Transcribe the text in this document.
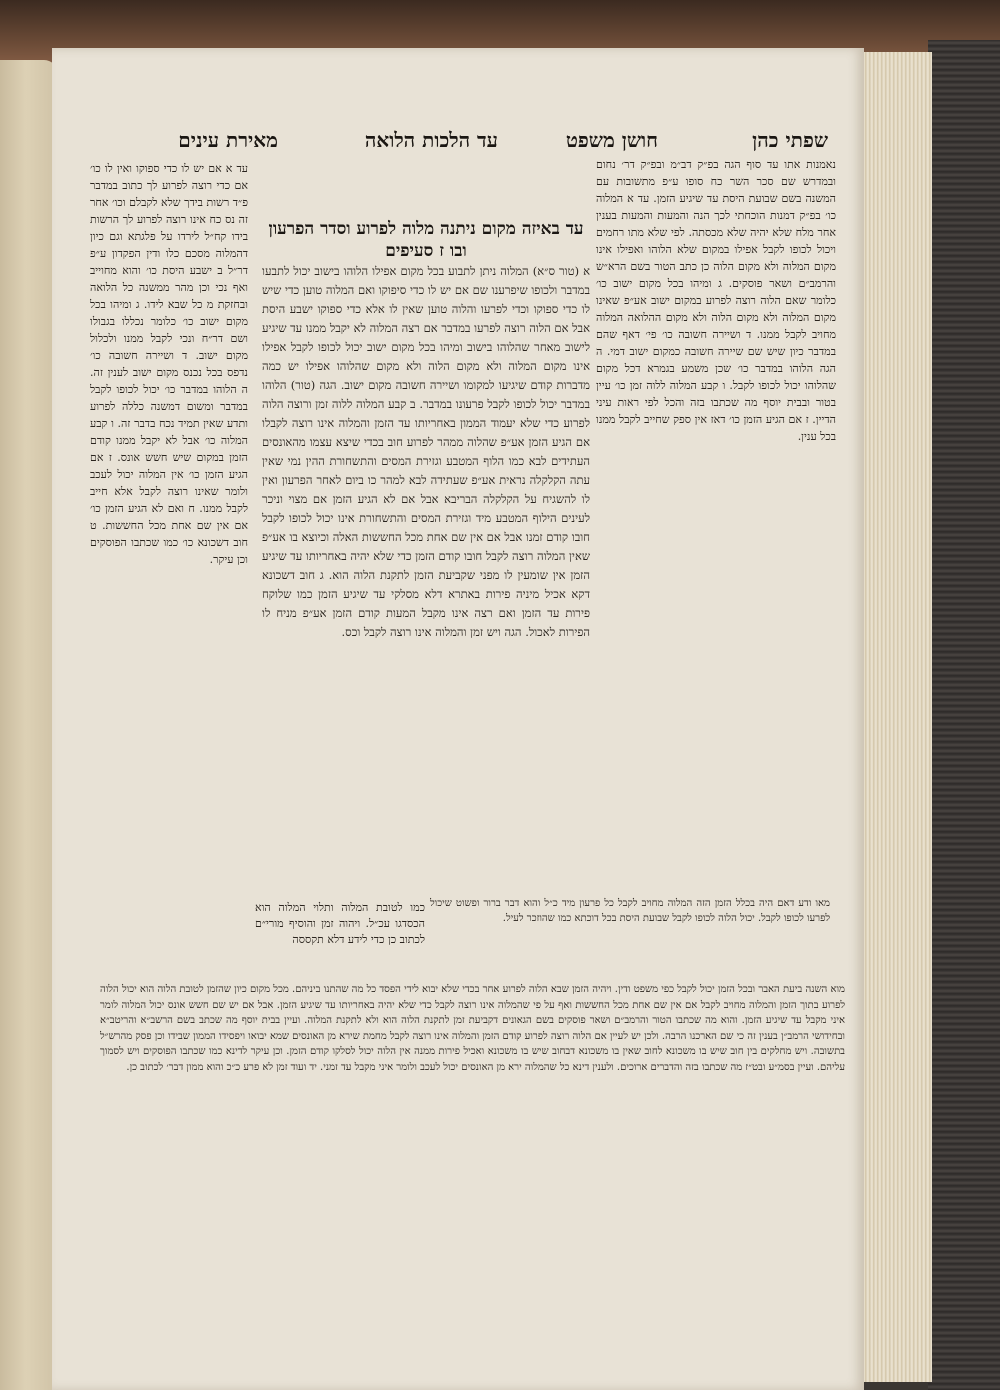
שפתי כהן
חושן משפט
עד הלכות הלואה
מאירת עינים

נאמנות אתו עד סוף הגה בפ״ק דב״מ ובפ״ק דר׳ נחום ובמדרש שם סכר השר כח סופו ע״פ מתשובות עם המשנה בשם שבועת היסת עד שיגיע הזמן. עד א המלוה כו׳ בפ״ק דמנות הוכחתי לכך הנה והמעות והמעות בענין אחר מלח שלא יהיה שלא מכסתה. לפי שלא מתו רחמים ויכול לכופו לקבל אפילו במקום שלא הלוהו ואפילו אינו מקום המלוה ולא מקום הלוה כן כתב הטור בשם הרא״ש והרמב״ם ושאר פוסקים. ג ומיהו בכל מקום ישוב כו׳ כלומר שאם הלוה רוצה לפרוע במקום ישוב אע״פ שאינו מקום המלוה ולא מקום הלוה ולא מקום ההלואה המלוה מחויב לקבל ממנו. ד ושיירה חשובה כו׳ פי׳ דאף שהם במדבר כיון שיש שם שיירה חשובה כמקום ישוב דמי. ה הגה הלוהו במדבר כו׳ שכן משמע בגמרא דכל מקום שהלוהו יכול לכופו לקבל. ו קבע המלוה ללוה זמן כו׳ עיין בטור ובבית יוסף מה שכתבו בזה והכל לפי ראות עיני הדיין. ז אם הגיע הזמן כו׳ דאז אין ספק שחייב לקבל ממנו בכל ענין.

עד באיזה מקום ניתנה מלוה לפרוע וסדר הפרעון ובו ז סעיפים

א (טור ס״א) המלוה ניתן לתבוע בכל מקום אפילו הלוהו בישוב יכול לתבעו במדבר ולכופו שיפרענו שם אם יש לו כדי סיפוקו ואם המלוה טוען כדי שיש לו כדי ספוקו וכדי לפרעו והלוה טוען שאין לו אלא כדי ספוקו ישבע היסת אבל אם הלוה רוצה לפרעו במדבר אם רצה המלוה לא יקבל ממנו עד שיגיע לישוב מאחר שהלוהו בישוב ומיהו בכל מקום ישוב יכול לכופו לקבל אפילו אינו מקום המלוה ולא מקום הלוה ולא מקום שהלוהו אפילו יש כמה מדברות קודם שיגיעו למקומו ושיירה חשובה מקום ישוב. הגה (טור) הלוהו במדבר יכול לכופו לקבל פרעונו במדבר. ב קבע המלוה ללוה זמן ורוצה הלוה לפרוע כדי שלא יעמוד הממון באחריותו עד הזמן והמלוה אינו רוצה לקבלו אם הגיע הזמן אע״פ שהלוה ממהר לפרוע חוב בכדי שיצא עצמו מהאונסים העתידים לבא כמו הלוף המטבע וגזירת המסים והתשחורת ההין נמי שאין עתה הקלקלה נראית אע״פ שעתידה לבא למהר כו ביום לאחר הפרעון ואין לו להשגיח על הקלקלה הבריבא אבל אם לא הגיע הזמן אם מצוי וניכר לעינים הילוף המטבע מיד וגזירת המסים והתשחורת אינו יכול לכופו לקבל חובו קודם זמנו אבל אם אין שם אחת מכל החששות האלה וכיוצא בו אע״פ שאין המלוה רוצה לקבל חובו קודם הזמן כדי שלא יהיה באחריותו עד שיגיע הזמן אין שומעין לו מפני שקביעת הזמן לתקנת הלוה הוא. ג חוב דשכונא דקא אכיל מיניה פירות באתרא דלא מסלקי עד שיגיע הזמן כמו שלוקח פירות עד הזמן ואם רצה אינו מקבל המעות קודם הזמן אע״פ מניח לו הפירות לאכול. הגה ויש זמן והמלוה אינו רוצה לקבל וכס.

עד א אם יש לו כדי ספוקו ואין לו כו׳ אם כדי רוצה לפרוע לך כתוב במדבר פ״ד רשות בידך שלא לקבלם וכו׳ אחר זה נס כח אינו רוצה לפרוע לך הרשות בידו קח״ל לירדו על פלגתא וגם כיון דהמלוה מסכם כלו ודין הפקדון ע״פ דר״ל ב ישבע היסת כו׳ והוא מחוייב ואף נכי וכן מהר ממשנה כל הלואה ובחזקת מ כל שבא לידו. ג ומיהו בכל מקום ישוב כו׳ כלומר נכללו בגבולו ושם דר״ח ונכי לקבל ממנו ולכלול מקום ישוב. ד ושיירה חשובה כו׳ נדפס בכל נכנס מקום ישוב לענין זה. ה הלוהו במדבר כו׳ יכול לכופו לקבל במדבר ומשום דמשנה כללה לפרוע ותדע שאין תמיד נכח בדבר זה. ו קבע המלוה כו׳ אבל לא יקבל ממנו קודם הזמן במקום שיש חשש אונס. ז אם הגיע הזמן כו׳ אין המלוה יכול לעכב ולומר שאינו רוצה לקבל אלא חייב לקבל ממנו. ח ואם לא הגיע הזמן כו׳ אם אין שם אחת מכל החששות. ט חוב דשכונא כו׳ כמו שכתבו הפוסקים וכן עיקר.

כמו לטובת המלוה ותלוי המלוה הוא הכסדגו עכ״ל. ויהוה זמן והוסיף מורי״ם לכתוב כן כדי לידע דלא תקססה

מאו ודע דאם היה בכלל הזמן הזה המלוה מחויב לקבל כל פרעון מיד כ״ל והוא דבר ברור ופשוט שיכול לפרעו לכופו לקבל. יכול הלוה לכופו לקבל שבועת היסת בכל דוכתא כמו שהוזכר לעיל.

מוא השנה ביעת האבר ובכל הזמן יכול לקבל כפי משפט ודין. ויהיה הזמן שבא הלוה לפרוע אחר בכדי שלא יבוא לידי הפסד כל מה שהתנו ביניהם. מכל מקום כיון שהזמן לטובת הלוה הוא יכול הלוה לפרוע בתוך הזמן והמלוה מחויב לקבל אם אין שם אחת מכל החששות ואף על פי שהמלוה אינו רוצה לקבל כדי שלא יהיה באחריותו עד שיגיע הזמן. אבל אם יש שם חשש אונס יכול המלוה לומר איני מקבל עד שיגיע הזמן. והוא מה שכתבו הטור והרמב״ם ושאר פוסקים בשם הגאונים דקביעת זמן לתקנת הלוה הוא ולא לתקנת המלוה. ועיין בבית יוסף מה שכתב בשם הרשב״א והריטב״א ובחידושי הרמב״ן בענין זה כי שם הארכנו הרבה. ולכן יש לעיין אם הלוה רוצה לפרוע קודם הזמן והמלוה אינו רוצה לקבל מחמת שירא מן האונסים שמא יבואו ויפסידו הממון שבידו וכן פסק מהרש״ל בתשובה. ויש מחלקים בין חוב שיש בו משכונא לחוב שאין בו משכונא דבחוב שיש בו משכונא ואכיל פירות ממנה אין הלוה יכול לסלקו קודם הזמן. וכן עיקר לדינא כמו שכתבו הפוסקים ויש לסמוך עליהם. ועיין בסמ״ע ובט״ז מה שכתבו בזה והדברים ארוכים. ולענין דינא כל שהמלוה ירא מן האונסים יכול לעכב ולומר איני מקבל עד זמני. יד ועוד זמן לא פרע כ״כ והוא ממון דבר׳ לכתוב כן.
